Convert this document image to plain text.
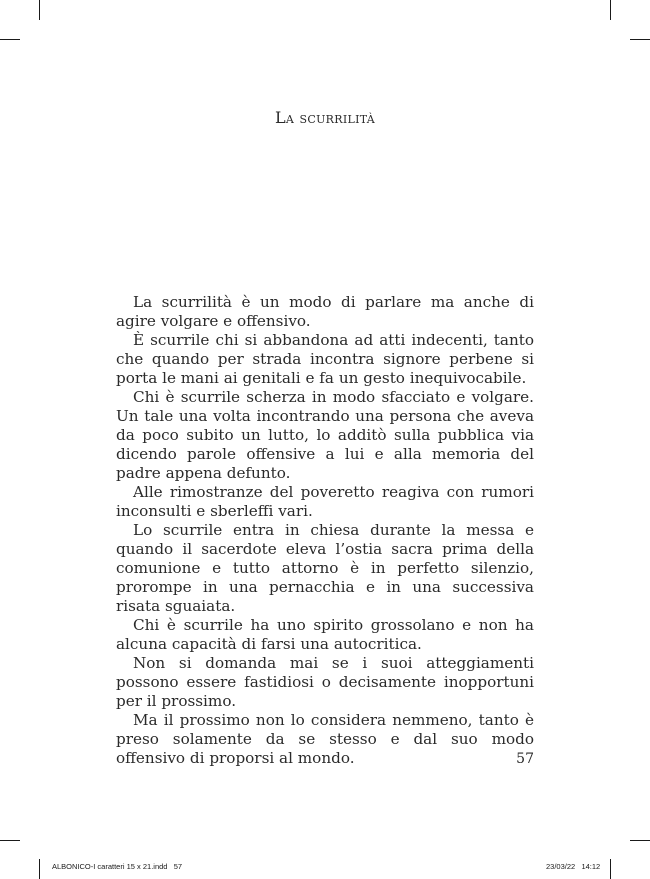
La scurrilità

La scurrilità è un modo di parlare ma anche di agire volgare e offensivo.

È scurrile chi si abbandona ad atti indecenti, tanto che quando per strada incontra signore perbene si porta le mani ai genitali e fa un gesto inequivocabile.

Chi è scurrile scherza in modo sfacciato e volgare. Un tale una volta incontrando una persona che aveva da poco subito un lutto, lo additò sulla pubblica via dicendo parole offensive a lui e alla memoria del padre appena defunto.

Alle rimostranze del poveretto reagiva con rumori inconsulti e sberleffi vari.

Lo scurrile entra in chiesa durante la messa e quando il sacerdote eleva l’ostia sacra prima della comunione e tutto attorno è in perfetto silenzio, prorompe in una pernacchia e in una successiva risata sguaiata.

Chi è scurrile ha uno spirito grossolano e non ha alcuna capacità di farsi una autocritica.

Non si domanda mai se i suoi atteggiamenti possono essere fastidiosi o decisamente inopportuni per il prossimo.

Ma il prossimo non lo considera nemmeno, tanto è preso solamente da se stesso e dal suo modo offensivo di proporsi al mondo.	57
ALBONICO-I caratteri 15 x 21.indd   57	23/03/22   14:12
